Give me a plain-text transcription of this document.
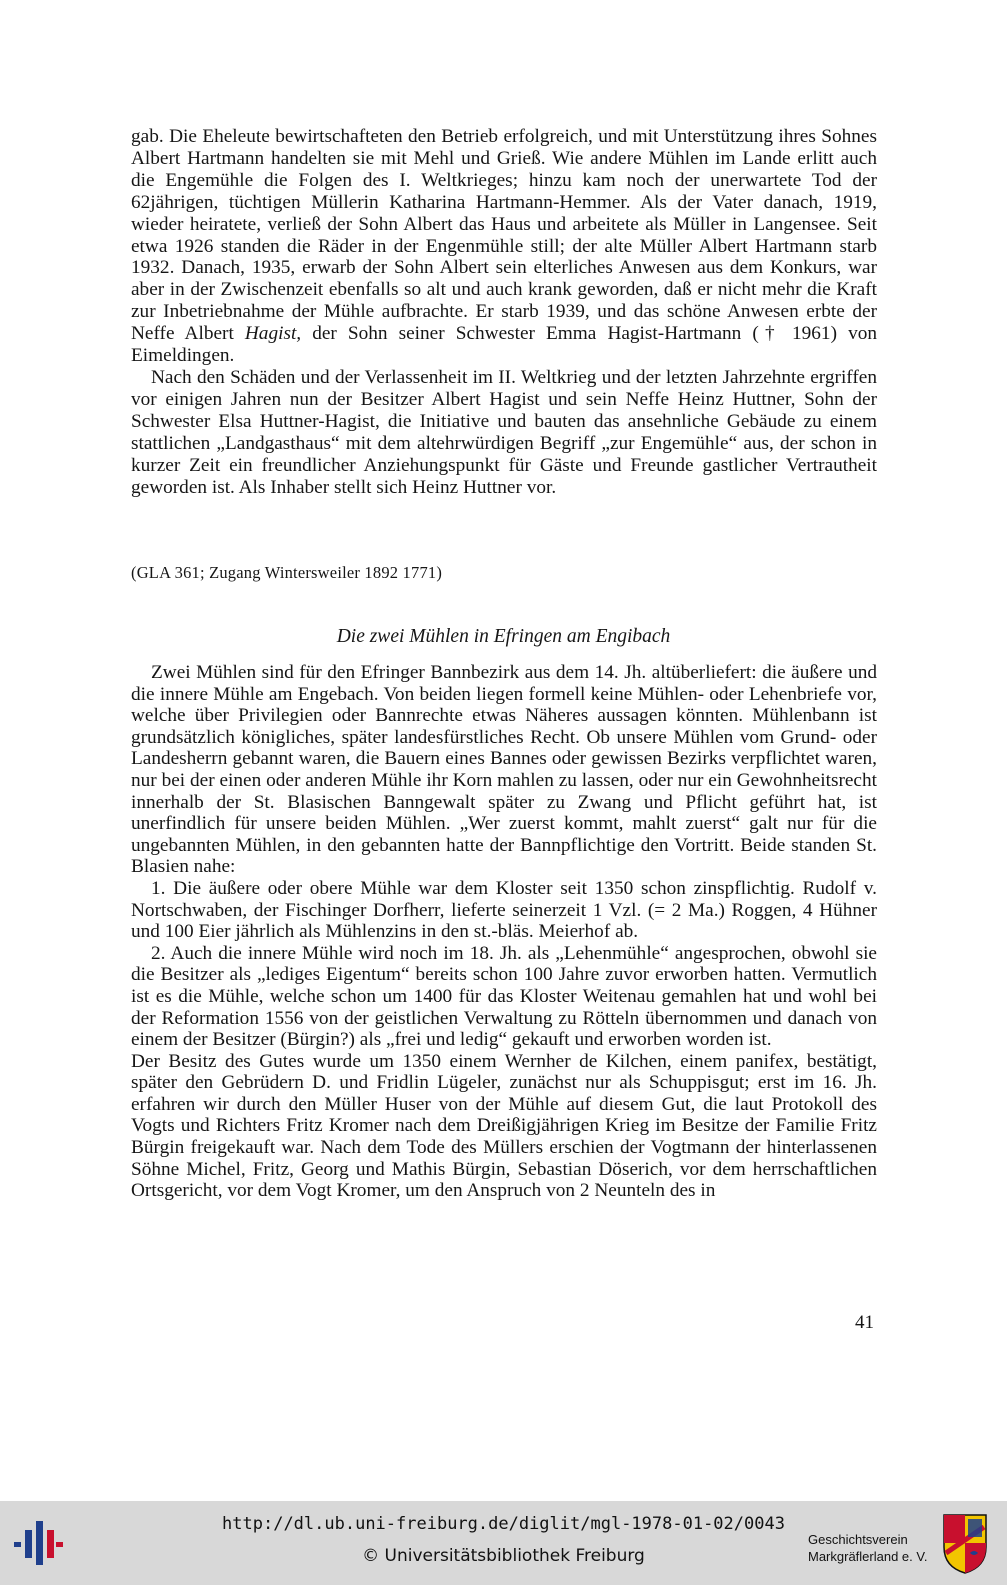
gab. Die Eheleute bewirtschafteten den Betrieb erfolgreich, und mit Unterstützung ihres Sohnes Albert Hartmann handelten sie mit Mehl und Grieß. Wie andere Mühlen im Lande erlitt auch die Engemühle die Folgen des I. Weltkrieges; hinzu kam noch der unerwartete Tod der 62jährigen, tüchtigen Müllerin Katharina Hartmann-Hemmer. Als der Vater danach, 1919, wieder heiratete, verließ der Sohn Albert das Haus und arbeitete als Müller in Langensee. Seit etwa 1926 standen die Räder in der Engenmühle still; der alte Müller Albert Hartmann starb 1932. Danach, 1935, erwarb der Sohn Albert sein elterliches Anwesen aus dem Konkurs, war aber in der Zwischenzeit ebenfalls so alt und auch krank geworden, daß er nicht mehr die Kraft zur Inbetriebnahme der Mühle aufbrachte. Er starb 1939, und das schöne Anwesen erbte der Neffe Albert Hagist, der Sohn seiner Schwester Emma Hagist-Hartmann († 1961) von Eimeldingen.

Nach den Schäden und der Verlassenheit im II. Weltkrieg und der letzten Jahrzehnte ergriffen vor einigen Jahren nun der Besitzer Albert Hagist und sein Neffe Heinz Huttner, Sohn der Schwester Elsa Huttner-Hagist, die Initiative und bauten das ansehnliche Gebäude zu einem stattlichen „Landgasthaus“ mit dem altehrwürdigen Begriff „zur Engemühle“ aus, der schon in kurzer Zeit ein freundlicher Anziehungspunkt für Gäste und Freunde gastlicher Vertrautheit geworden ist. Als Inhaber stellt sich Heinz Huttner vor.

(GLA 361; Zugang Wintersweiler 1892 1771)

Die zwei Mühlen in Efringen am Engibach

Zwei Mühlen sind für den Efringer Bannbezirk aus dem 14. Jh. altüberliefert: die äußere und die innere Mühle am Engebach. Von beiden liegen formell keine Mühlen- oder Lehenbriefe vor, welche über Privilegien oder Bannrechte etwas Näheres aussagen könnten. Mühlenbann ist grundsätzlich königliches, später landesfürstliches Recht. Ob unsere Mühlen vom Grund- oder Landesherrn gebannt waren, die Bauern eines Bannes oder gewissen Bezirks verpflichtet waren, nur bei der einen oder anderen Mühle ihr Korn mahlen zu lassen, oder nur ein Gewohnheitsrecht innerhalb der St. Blasischen Banngewalt später zu Zwang und Pflicht geführt hat, ist unerfindlich für unsere beiden Mühlen. „Wer zuerst kommt, mahlt zuerst“ galt nur für die ungebannten Mühlen, in den gebannten hatte der Bannpflichtige den Vortritt. Beide standen St. Blasien nahe:

1. Die äußere oder obere Mühle war dem Kloster seit 1350 schon zinspflichtig. Rudolf v. Nortschwaben, der Fischinger Dorfherr, lieferte seinerzeit 1 Vzl. (= 2 Ma.) Roggen, 4 Hühner und 100 Eier jährlich als Mühlenzins in den st.-bläs. Meierhof ab.

2. Auch die innere Mühle wird noch im 18. Jh. als „Lehenmühle“ angesprochen, obwohl sie die Besitzer als „lediges Eigentum“ bereits schon 100 Jahre zuvor erworben hatten. Vermutlich ist es die Mühle, welche schon um 1400 für das Kloster Weitenau gemahlen hat und wohl bei der Reformation 1556 von der geistlichen Verwaltung zu Rötteln übernommen und danach von einem der Besitzer (Bürgin?) als „frei und ledig“ gekauft und erworben worden ist.

Der Besitz des Gutes wurde um 1350 einem Wernher de Kilchen, einem panifex, bestätigt, später den Gebrüdern D. und Fridlin Lügeler, zunächst nur als Schuppisgut; erst im 16. Jh. erfahren wir durch den Müller Huser von der Mühle auf diesem Gut, die laut Protokoll des Vogts und Richters Fritz Kromer nach dem Dreißigjährigen Krieg im Besitze der Familie Fritz Bürgin freigekauft war. Nach dem Tode des Müllers erschien der Vogtmann der hinterlassenen Söhne Michel, Fritz, Georg und Mathis Bürgin, Sebastian Döserich, vor dem herrschaftlichen Ortsgericht, vor dem Vogt Kromer, um den Anspruch von 2 Neunteln des in

41

http://dl.ub.uni-freiburg.de/diglit/mgl-1978-01-02/0043
© Universitätsbibliothek Freiburg
Geschichtsverein
Markgräflerland e. V.
